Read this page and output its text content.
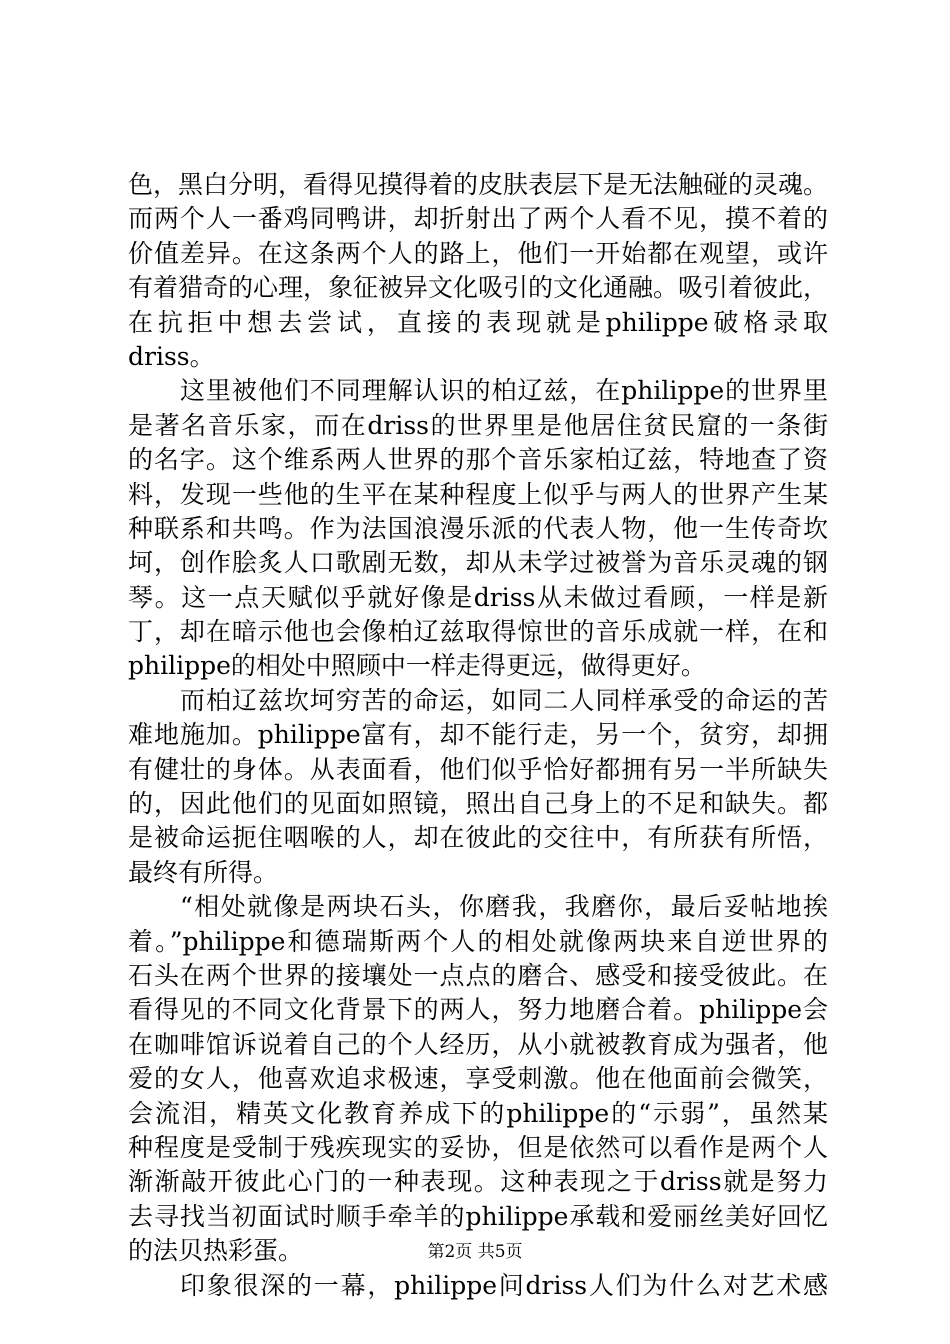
色，黑白分明，看得见摸得着的皮肤表层下是无法触碰的灵魂。
而两个人一番鸡同鸭讲，却折射出了两个人看不见，摸不着的
价值差异。在这条两个人的路上，他们一开始都在观望，或许
有着猎奇的心理，象征被异文化吸引的文化通融。吸引着彼此，
在抗拒中想去尝试，直接的表现就是philippe破格录取
driss。
这里被他们不同理解认识的柏辽兹，在philippe的世界里
是著名音乐家，而在driss的世界里是他居住贫民窟的一条街
的名字。这个维系两人世界的那个音乐家柏辽兹，特地查了资
料，发现一些他的生平在某种程度上似乎与两人的世界产生某
种联系和共鸣。作为法国浪漫乐派的代表人物，他一生传奇坎
坷，创作脍炙人口歌剧无数，却从未学过被誉为音乐灵魂的钢
琴。这一点天赋似乎就好像是driss从未做过看顾，一样是新
丁，却在暗示他也会像柏辽兹取得惊世的音乐成就一样，在和
philippe的相处中照顾中一样走得更远，做得更好。
而柏辽兹坎坷穷苦的命运，如同二人同样承受的命运的苦
难地施加。philippe富有，却不能行走，另一个，贫穷，却拥
有健壮的身体。从表面看，他们似乎恰好都拥有另一半所缺失
的，因此他们的见面如照镜，照出自己身上的不足和缺失。都
是被命运扼住咽喉的人，却在彼此的交往中，有所获有所悟，
最终有所得。
“相处就像是两块石头，你磨我，我磨你，最后妥帖地挨
着。”philippe和德瑞斯两个人的相处就像两块来自逆世界的
石头在两个世界的接壤处一点点的磨合、感受和接受彼此。在
看得见的不同文化背景下的两人，努力地磨合着。philippe会
在咖啡馆诉说着自己的个人经历，从小就被教育成为强者，他
爱的女人，他喜欢追求极速，享受刺激。他在他面前会微笑，
会流泪，精英文化教育养成下的philippe的“示弱”，虽然某
种程度是受制于残疾现实的妥协，但是依然可以看作是两个人
渐渐敲开彼此心门的一种表现。这种表现之于driss就是努力
去寻找当初面试时顺手牵羊的philippe承载和爱丽丝美好回忆
的法贝热彩蛋。
印象很深的一幕，philippe问driss人们为什么对艺术感
第2页 共5页
